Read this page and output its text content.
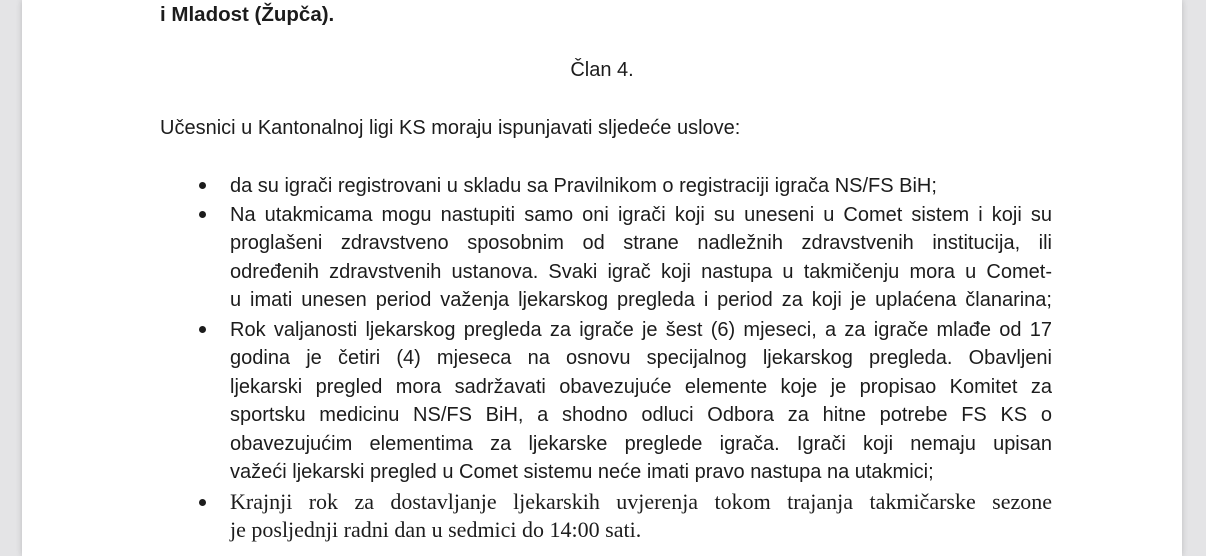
i Mladost (Župča).
Član 4.
Učesnici u Kantonalnoj ligi KS moraju ispunjavati sljedeće uslove:
da su igrači registrovani u skladu sa Pravilnikom o registraciji igrača NS/FS BiH;
Na utakmicama mogu nastupiti samo oni igrači koji su uneseni u Comet sistem i koji su
proglašeni zdravstveno sposobnim od strane nadležnih zdravstvenih institucija, ili
određenih zdravstvenih ustanova. Svaki igrač koji nastupa u takmičenju mora u Comet-
u imati unesen period važenja ljekarskog pregleda i period za koji je uplaćena članarina;
Rok valjanosti ljekarskog pregleda za igrače je šest (6) mjeseci, a za igrače mlađe od 17
godina je četiri (4) mjeseca na osnovu specijalnog ljekarskog pregleda. Obavljeni
ljekarski pregled mora sadržavati obavezujuće elemente koje je propisao Komitet za
sportsku medicinu NS/FS BiH, a shodno odluci Odbora za hitne potrebe FS KS o
obavezujućim elementima za ljekarske preglede igrača. Igrači koji nemaju upisan
važeći ljekarski pregled u Comet sistemu neće imati pravo nastupa na utakmici;
Krajnji rok za dostavljanje ljekarskih uvjerenja tokom trajanja takmičarske sezone
je posljednji radni dan u sedmici do 14:00 sati.
